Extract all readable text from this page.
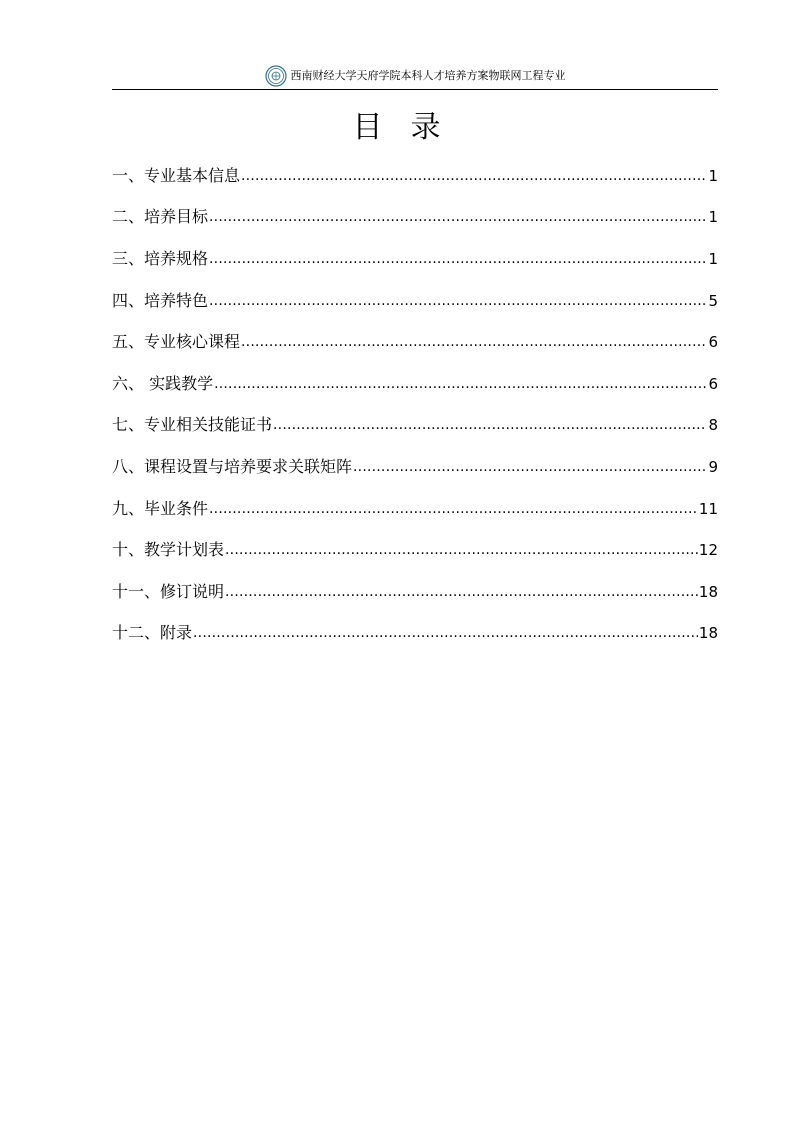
西南财经大学天府学院本科人才培养方案物联网工程专业
目录
一、专业基本信息 .....	1
二、培养目标 .....	1
三、培养规格 .....	1
四、培养特色 .....	5
五、专业核心课程 .....	6
六、 实践教学 .....	6
七、专业相关技能证书 .....	8
八、课程设置与培养要求关联矩阵 .....	9
九、毕业条件 .....	11
十、教学计划表 .....	12
十一、修订说明 .....	18
十二、附录 .....	18
